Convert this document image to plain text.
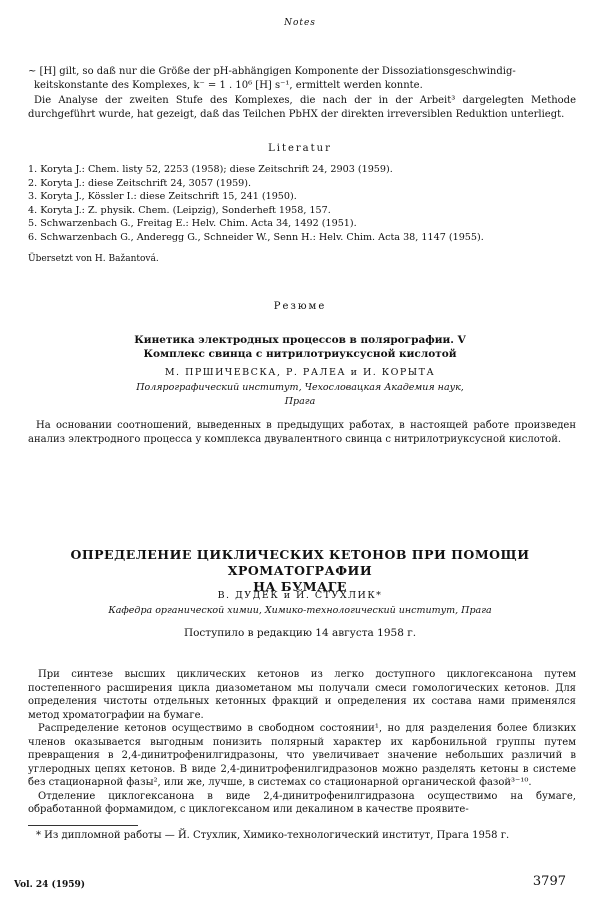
Notes
~ [H] gilt, so daß nur die Größe der pH-abhängigen Komponente der Dissoziationsgeschwindig-
keitskonstante des Komplexes, k⁻ = 1 . 10⁶ [H] s⁻¹, ermittelt werden konnte.
Die Analyse der zweiten Stufe des Komplexes, die nach der in der Arbeit³ dargelegten Methode durchgeführt wurde, hat gezeigt, daß das Teilchen PbHX der direkten irreversiblen Reduktion unterliegt.
Literatur
1. Koryta J.: Chem. listy 52, 2253 (1958); diese Zeitschrift 24, 2903 (1959).
2. Koryta J.: diese Zeitschrift 24, 3057 (1959).
3. Koryta J., Kössler I.: diese Zeitschrift 15, 241 (1950).
4. Koryta J.: Z. physik. Chem. (Leipzig), Sonderheft 1958, 157.
5. Schwarzenbach G., Freitag E.: Helv. Chim. Acta 34, 1492 (1951).
6. Schwarzenbach G., Anderegg G., Schneider W., Senn H.: Helv. Chim. Acta 38, 1147 (1955).
Übersetzt von H. Bažantová.
Резюме
Кинетика электродных процессов в полярографии. V
Комплекс свинца с нитрилотриуксусной кислотой
М. ПРШИЧЕВСКА, Р. РАЛЕА и И. КОРЫТА
Полярографический институт, Чехословацкая Академия наук,
Прага
На основании соотношений, выведенных в предыдущих работах, в настоящей работе произведен анализ электродного процесса у комплекса двувалентного свинца с нитрилотриуксусной кислотой.
ОПРЕДЕЛЕНИЕ ЦИКЛИЧЕСКИХ КЕТОНОВ ПРИ ПОМОЩИ ХРОМАТОГРАФИИ
НА БУМАГЕ
В. ДУДЕК и Й. СТУХЛИК*
Кафедра органической химии, Химико-технологический институт, Прага
Поступило в редакцию 14 августа 1958 г.
При синтезе высших циклических кетонов из легко доступного циклогексанона путем постепенного расширения цикла диазометаном мы получали смеси гомологических кетонов. Для определения чистоты отдельных кетонных фракций и определения их состава нами применялся метод хроматографии на бумаге.
Распределение кетонов осуществимо в свободном состоянии¹, но для разделения более близких членов оказывается выгодным понизить полярный характер их карбонильной группы путем превращения в 2,4-динитрофенилгидразоны, что увеличивает значение небольших различий в углеродных цепях кетонов. В виде 2,4-динитрофенилгидразонов можно разделять кетоны в системе без стационарной фазы², или же, лучше, в системах со стационарной органической фазой³⁻¹⁰.
Отделение циклогексанона в виде 2,4-динитрофенилгидразона осуществимо на бумаге, обработанной формамидом, с циклогексаном или декалином в качестве проявите-
* Из дипломной работы — Й. Стухлик, Химико-технологический институт, Прага 1958 г.
Vol. 24 (1959)	3797
